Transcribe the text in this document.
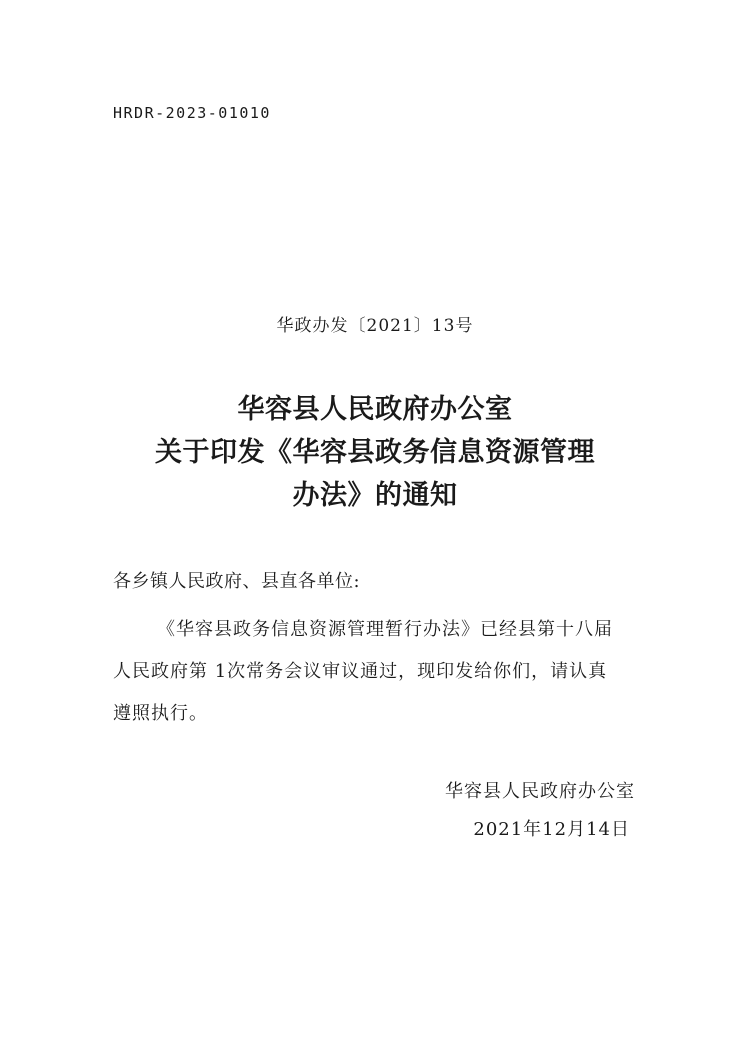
HRDR-2023-01010
华政办发〔2021〕13号
华容县人民政府办公室
关于印发《华容县政务信息资源管理
办法》的通知
各乡镇人民政府、县直各单位:
《华容县政务信息资源管理暂行办法》已经县第十八届
人民政府第 1次常务会议审议通过，现印发给你们，请认真
遵照执行。
华容县人民政府办公室
2021年12月14日
